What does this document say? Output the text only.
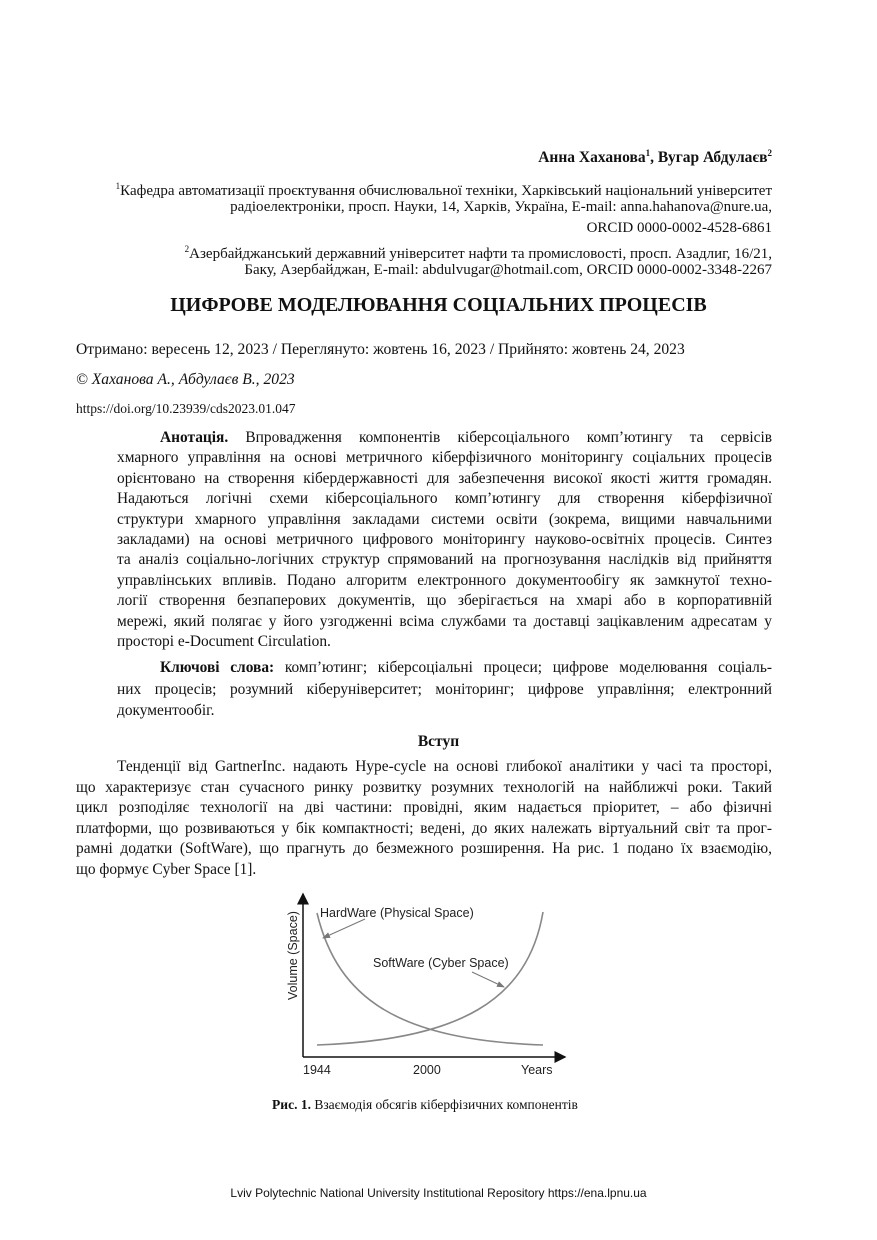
Анна Хаханова$^1$, Вугар Абдулаєв$^2$
$^1$Кафедра автоматизації проєктування обчислювальної техніки, Харківський національний університет
радіоелектроніки, просп. Науки, 14, Харків, Україна, E-mail: anna.hahanova@nure.ua,
ORCID 0000-0002-4528-6861
$^2$Азербайджанський державний університет нафти та промисловості, просп. Азадлиг, 16/21,
Баку, Азербайджан, E-mail: abdulvugar@hotmail.com, ORCID 0000-0002-3348-2267
ЦИФРОВЕ МОДЕЛЮВАННЯ СОЦІАЛЬНИХ ПРОЦЕСІВ
Отримано: вересень 12, 2023 / Переглянуто: жовтень 16, 2023 / Прийнято: жовтень 24, 2023
© Хаханова А., Абдулаєв В., 2023
https://doi.org/10.23939/cds2023.01.047
Анотація. Впровадження компонентів кіберсоціального комп’ютингу та сервісів
хмарного управління на основі метричного кіберфізичного моніторингу соціальних процесів
орієнтовано на створення кібердержавності для забезпечення високої якості життя громадян.
Надаються логічні схеми кіберсоціального комп’ютингу для створення кіберфізичної
структури хмарного управління закладами системи освіти (зокрема, вищими навчальними
закладами) на основі метричного цифрового моніторингу науково-освітніх процесів. Синтез
та аналіз соціально-логічних структур спрямований на прогнозування наслідків від прийняття
управлінських впливів. Подано алгоритм електронного документообігу як замкнутої техно-
логії створення безпаперових документів, що зберігається на хмарі або в корпоративній
мережі, який полягає у його узгодженні всіма службами та доставці зацікавленим адресатам у
просторі e-Document Circulation.
Ключові слова: комп’ютинг; кіберсоціальні процеси; цифрове моделювання соціаль-
них процесів; розумний кіберуніверситет; моніторинг; цифрове управління; електронний
документообіг.
Вступ
Тенденції від GartnerInc. надають Hype-cycle на основі глибокої аналітики у часі та просторі,
що характеризує стан сучасного ринку розвитку розумних технологій на найближчі роки. Такий
цикл розподіляє технології на дві частини: провідні, яким надається пріоритет, – або фізичні
платформи, що розвиваються у бік компактності; ведені, до яких належать віртуальний світ та прог-
рамні додатки (SoftWare), що прагнуть до безмежного розширення. На рис. 1 подано їх взаємодію,
що формує Cyber Space [1].
HardWare (Physical Space)
SoftWare (Cyber Space)
Volume (Space)
1944	2000	Years
Рис. 1. Взаємодія обсягів кіберфізичних компонентів
Lviv Polytechnic National University Institutional Repository https://ena.lpnu.ua
